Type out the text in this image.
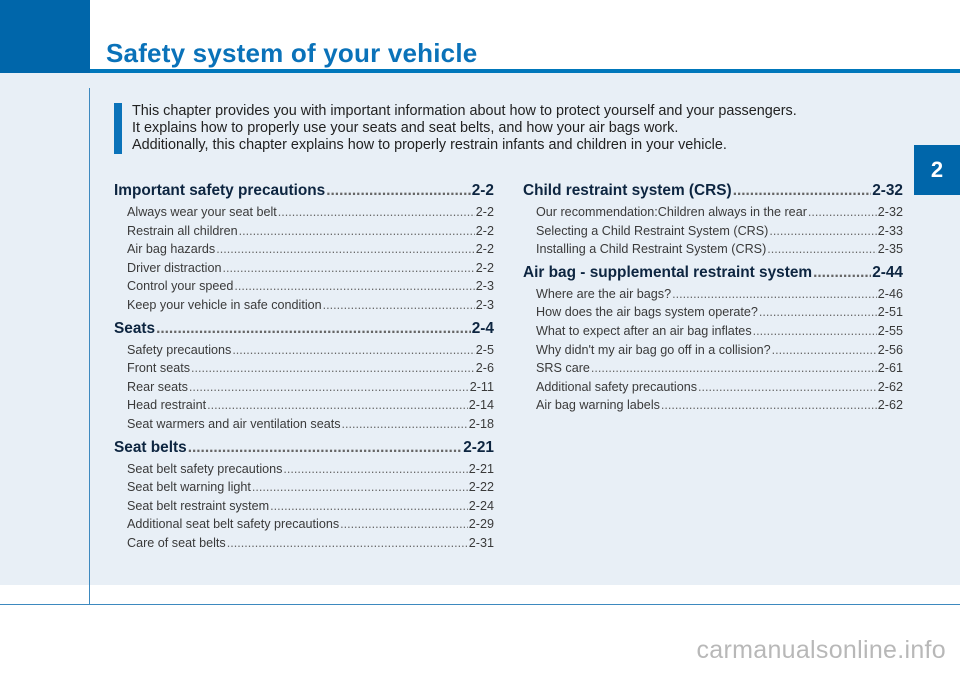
Safety system of your vehicle
2

This chapter provides you with important information about how to protect yourself and your passengers.

It explains how to properly use your seats and seat belts, and how your air bags work.

Additionally, this chapter explains how to properly restrain infants and children in your vehicle.

Important safety precautions .....	2-2
Always wear your seat belt .....	2-2
Restrain all children .....	2-2
Air bag hazards .....	2-2
Driver distraction .....	2-2
Control your speed .....	2-3
Keep your vehicle in safe condition .....	2-3
Seats .....	2-4
Safety precautions .....	2-5
Front seats .....	2-6
Rear seats .....	2-11
Head restraint .....	2-14
Seat warmers and air ventilation seats .....	2-18
Seat belts .....	2-21
Seat belt safety precautions .....	2-21
Seat belt warning light .....	2-22
Seat belt restraint system .....	2-24
Additional seat belt safety precautions .....	2-29
Care of seat belts .....	2-31
Child restraint system (CRS) .....	2-32
Our recommendation:Children always in the rear .....	2-32
Selecting a Child Restraint System (CRS) .....	2-33
Installing a Child Restraint System (CRS) .....	2-35
Air bag - supplemental restraint system .....	2-44
Where are the air bags? .....	2-46
How does the air bags system operate? .....	2-51
What to expect after an air bag inflates .....	2-55
Why didn't my air bag go off in a collision? .....	2-56
SRS care .....	2-61
Additional safety precautions .....	2-62
Air bag warning labels .....	2-62
carmanualsonline.info
